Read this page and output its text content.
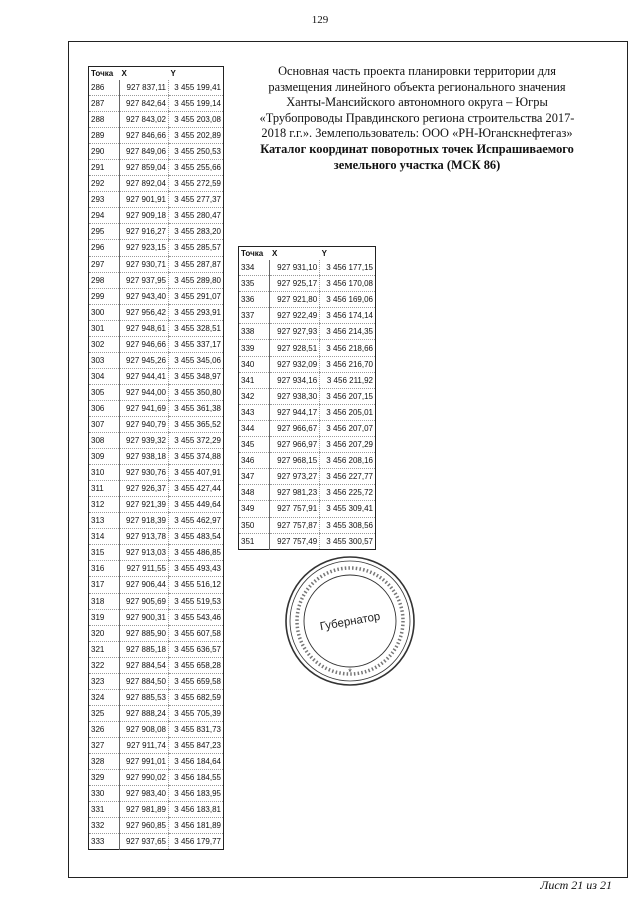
129
Точка	X	Y
286	927 837,11	3 455 199,41
287	927 842,64	3 455 199,14
288	927 843,02	3 455 203,08
289	927 846,66	3 455 202,89
290	927 849,06	3 455 250,53
291	927 859,04	3 455 255,66
292	927 892,04	3 455 272,59
293	927 901,91	3 455 277,37
294	927 909,18	3 455 280,47
295	927 916,27	3 455 283,20
296	927 923,15	3 455 285,57
297	927 930,71	3 455 287,87
298	927 937,95	3 455 289,80
299	927 943,40	3 455 291,07
300	927 956,42	3 455 293,91
301	927 948,61	3 455 328,51
302	927 946,66	3 455 337,17
303	927 945,26	3 455 345,06
304	927 944,41	3 455 348,97
305	927 944,00	3 455 350,80
306	927 941,69	3 455 361,38
307	927 940,79	3 455 365,52
308	927 939,32	3 455 372,29
309	927 938,18	3 455 374,88
310	927 930,76	3 455 407,91
311	927 926,37	3 455 427,44
312	927 921,39	3 455 449,64
313	927 918,39	3 455 462,97
314	927 913,78	3 455 483,54
315	927 913,03	3 455 486,85
316	927 911,55	3 455 493,43
317	927 906,44	3 455 516,12
318	927 905,69	3 455 519,53
319	927 900,31	3 455 543,46
320	927 885,90	3 455 607,58
321	927 885,18	3 455 636,57
322	927 884,54	3 455 658,28
323	927 884,50	3 455 659,58
324	927 885,53	3 455 682,59
325	927 888,24	3 455 705,39
326	927 908,08	3 455 831,73
327	927 911,74	3 455 847,23
328	927 991,01	3 456 184,64
329	927 990,02	3 456 184,55
330	927 983,40	3 456 183,95
331	927 981,89	3 456 183,81
332	927 960,85	3 456 181,89
333	927 937,65	3 456 179,77
Основная часть проекта планировки территории для размещения линейного объекта регионального значения Ханты-Мансийского автономного округа – Югры «Трубопроводы Правдинского региона строительства 2017-2018 г.г.». Землепользователь: ООО «РН-Юганскнефтегаз»
Каталог координат поворотных точек Испрашиваемого земельного участка (МСК 86)
Точка	X	Y
334	927 931,10	3 456 177,15
335	927 925,17	3 456 170,08
336	927 921,80	3 456 169,06
337	927 922,49	3 456 174,14
338	927 927,93	3 456 214,35
339	927 928,51	3 456 218,66
340	927 932,09	3 456 216,70
341	927 934,16	3 456 211,92
342	927 938,30	3 456 207,15
343	927 944,17	3 456 205,01
344	927 966,67	3 456 207,07
345	927 966,97	3 456 207,29
346	927 968,15	3 456 208,16
347	927 973,27	3 456 227,77
348	927 981,23	3 456 225,72
349	927 757,91	3 455 309,41
350	927 757,87	3 455 308,56
351	927 757,49	3 455 300,57
*
Губернатор
Лист 21 из 21
